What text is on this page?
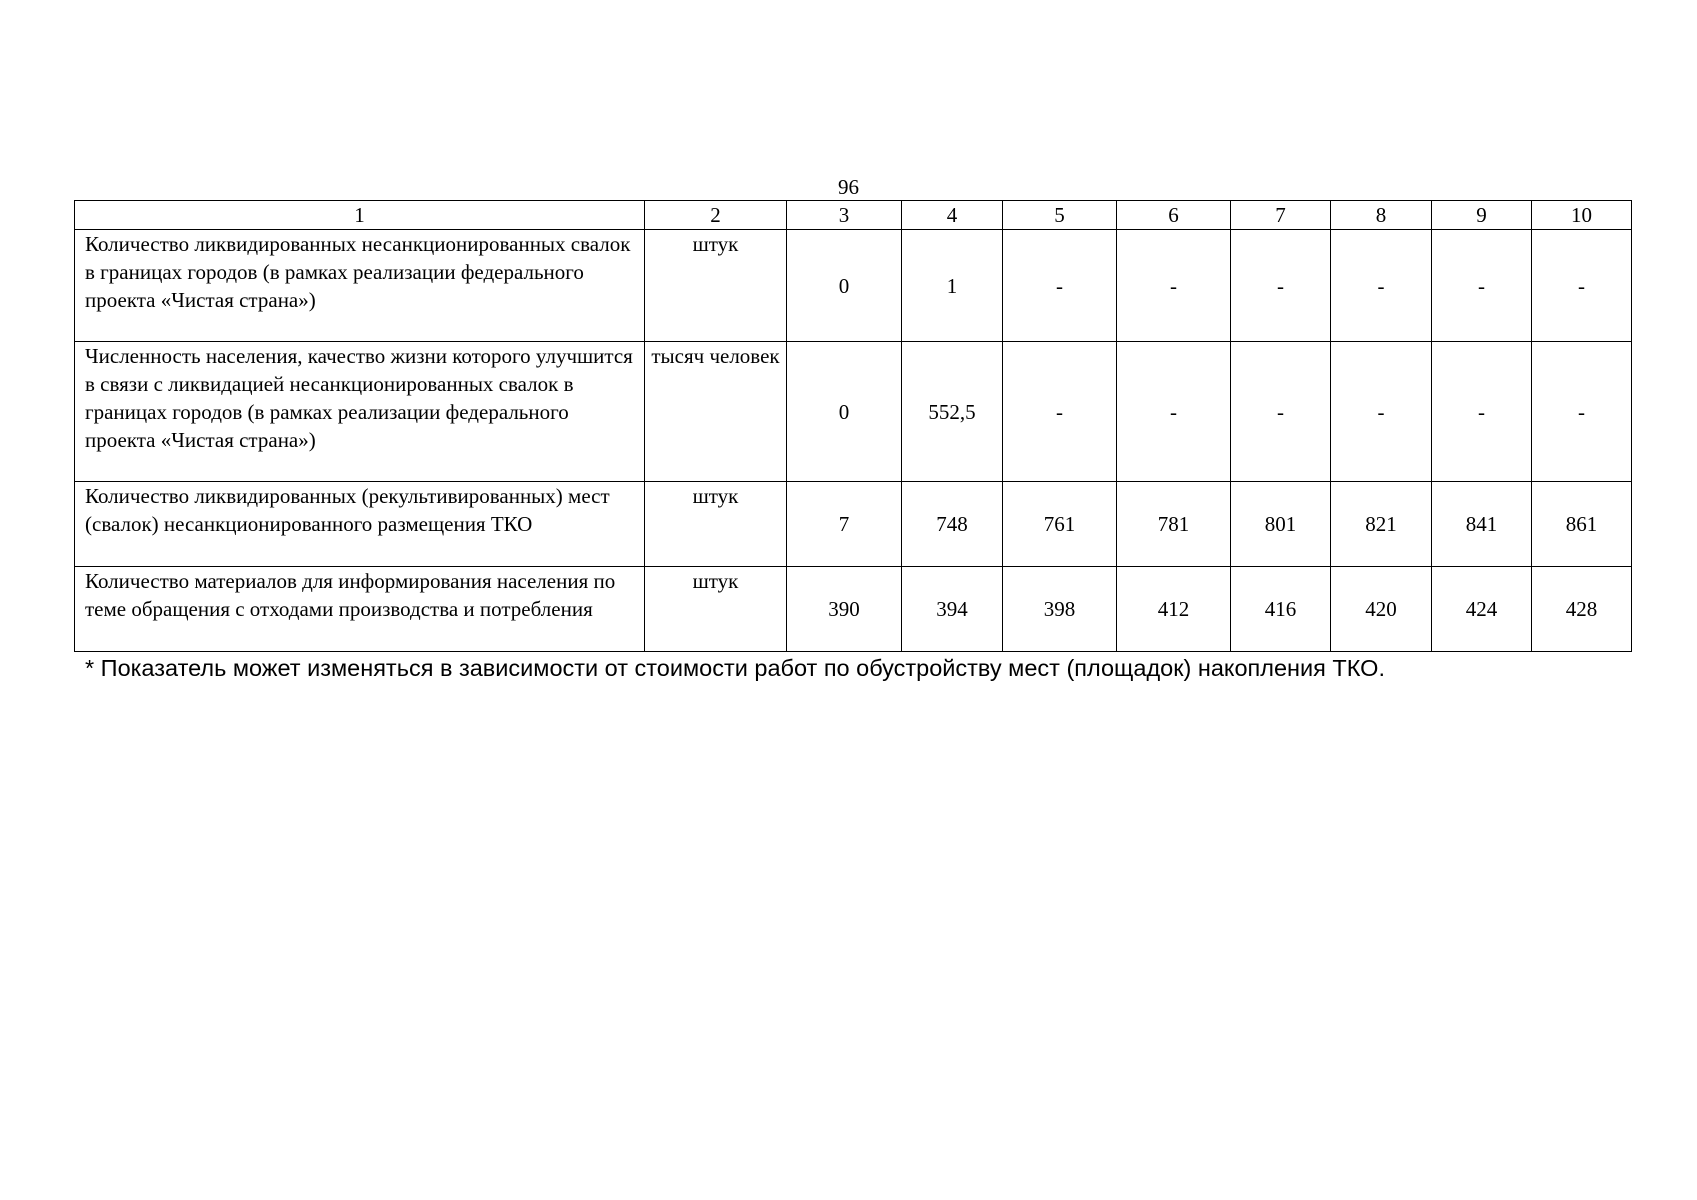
96
1	2	3	4	5	6	7	8	9	10
Количество ликвидированных несанкционированных свалок в границах городов (в рамках реализации федерального проекта «Чистая страна»)	штук	0	1	-	-	-	-	-	-
Численность населения, качество жизни которого улучшится в связи с ликвидацией несанкционированных свалок в границах городов (в рамках реализации федерального проекта «Чистая страна»)	тысяч человек	0	552,5	-	-	-	-	-	-
Количество ликвидированных (рекультивированных) мест (свалок) несанкционированного размещения ТКО	штук	7	748	761	781	801	821	841	861
Количество материалов для информирования населения по теме обращения с отходами производства и потребления	штук	390	394	398	412	416	420	424	428
* Показатель может изменяться в зависимости от стоимости работ по обустройству мест (площадок) накопления ТКО.
